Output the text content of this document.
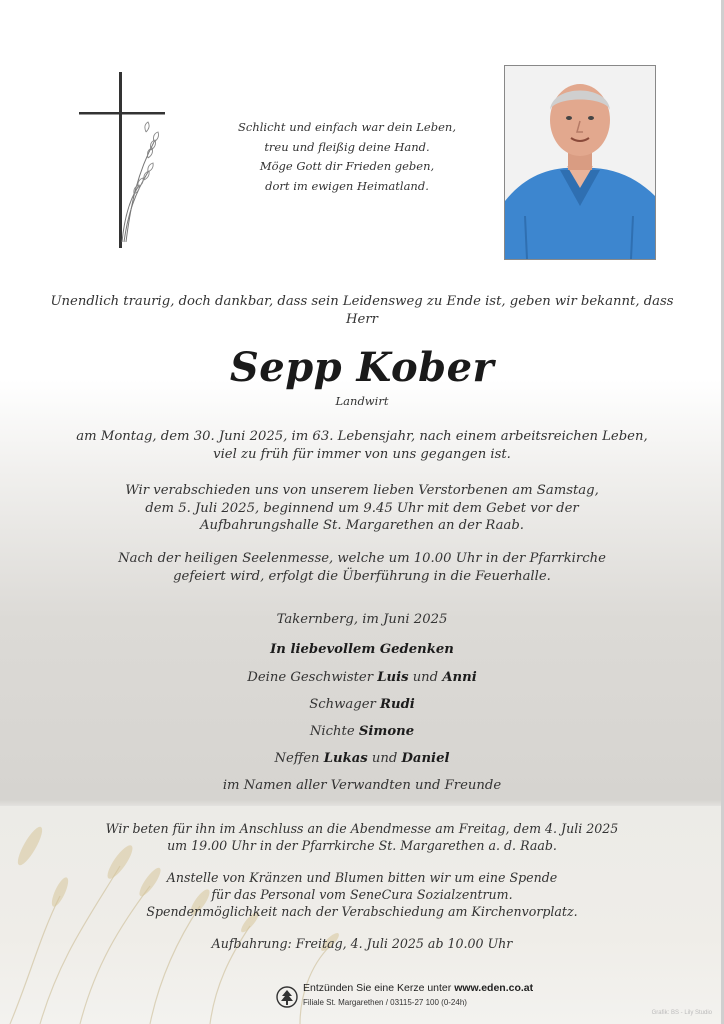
Schlicht und einfach war dein Leben,
treu und fleißig deine Hand.
Möge Gott dir Frieden geben,
dort im ewigen Heimatland.
Unendlich traurig, doch dankbar, dass sein Leidensweg zu Ende ist, geben wir bekannt, dass Herr
Sepp Kober
Landwirt
am Montag, dem 30. Juni 2025, im 63. Lebensjahr, nach einem arbeitsreichen Leben,
viel zu früh für immer von uns gegangen ist.
Wir verabschieden uns von unserem lieben Verstorbenen am Samstag,
dem 5. Juli 2025, beginnend um 9.45 Uhr mit dem Gebet vor der
Aufbahrungshalle St. Margarethen an der Raab.
Nach der heiligen Seelenmesse, welche um 10.00 Uhr in der Pfarrkirche
gefeiert wird, erfolgt die Überführung in die Feuerhalle.
Takernberg, im Juni 2025
In liebevollem Gedenken
Deine Geschwister Luis und Anni
Schwager Rudi
Nichte Simone
Neffen Lukas und Daniel
im Namen aller Verwandten und Freunde
Wir beten für ihn im Anschluss an die Abendmesse am Freitag, dem 4. Juli 2025
um 19.00 Uhr in der Pfarrkirche St. Margarethen a. d. Raab.
Anstelle von Kränzen und Blumen bitten wir um eine Spende
für das Personal vom SeneCura Sozialzentrum.
Spendenmöglichkeit nach der Verabschiedung am Kirchenvorplatz.
Aufbahrung: Freitag, 4. Juli 2025 ab 10.00 Uhr
Entzünden Sie eine Kerze unter www.eden.co.at
Filiale St. Margarethen / 03115-27 100 (0-24h)
Grafik: BS - Lily Studio
